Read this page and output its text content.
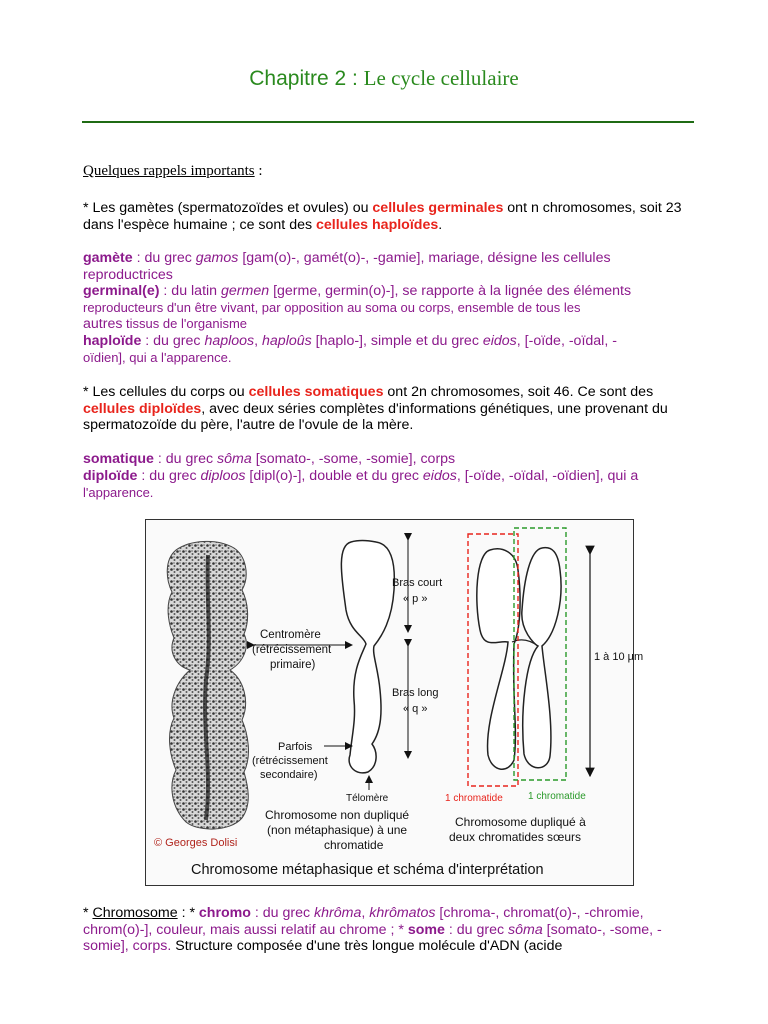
Chapitre 2 : Le cycle cellulaire
Quelques rappels importants :
* Les gamètes (spermatozoïdes et ovules) ou cellules germinales ont n chromosomes, soit 23 dans l'espèce humaine ; ce sont des cellules haploïdes.
gamète : du grec gamos [gam(o)-, gamét(o)-, -gamie], mariage, désigne les cellules reproductrices
germinal(e) : du latin germen [germe, germin(o)-], se rapporte à la lignée des éléments
reproducteurs d'un être vivant, par opposition au soma ou corps, ensemble de tous les
autres tissus de l'organisme
haploïde : du grec haploos, haploûs [haplo-], simple et du grec eidos, [-oïde, -oïdal, -
oïdien], qui a l'apparence.
* Les cellules du corps ou cellules somatiques ont 2n chromosomes, soit 46. Ce sont des cellules diploïdes, avec deux séries complètes d'informations génétiques, une provenant du spermatozoïde du père, l'autre de l'ovule de la mère.
somatique : du grec sôma [somato-, -some, -somie], corps
diploïde : du grec diploos [dipl(o)-], double et du grec eidos, [-oïde, -oïdal, -oïdien], qui a
l'apparence.
1 à 10 µm
Bras court
« p »
Bras long
« q »
Centromère
(rétrécissement
primaire)
Parfois
(rétrécissement
secondaire)
Télomère	1 chromatide	1 chromatide
Chromosome non dupliqué
(non métaphasique) à une
chromatide
Chromosome dupliqué à
deux chromatides sœurs
© Georges Dolisi
Chromosome métaphasique et schéma d'interprétation
* Chromosome : * chromo : du grec khrôma, khrômatos [chroma-, chromat(o)-, -chromie, chrom(o)-], couleur, mais aussi relatif au chrome ; * some : du grec sôma [somato-, -some, -somie], corps. Structure composée d'une très longue molécule d'ADN (acide
